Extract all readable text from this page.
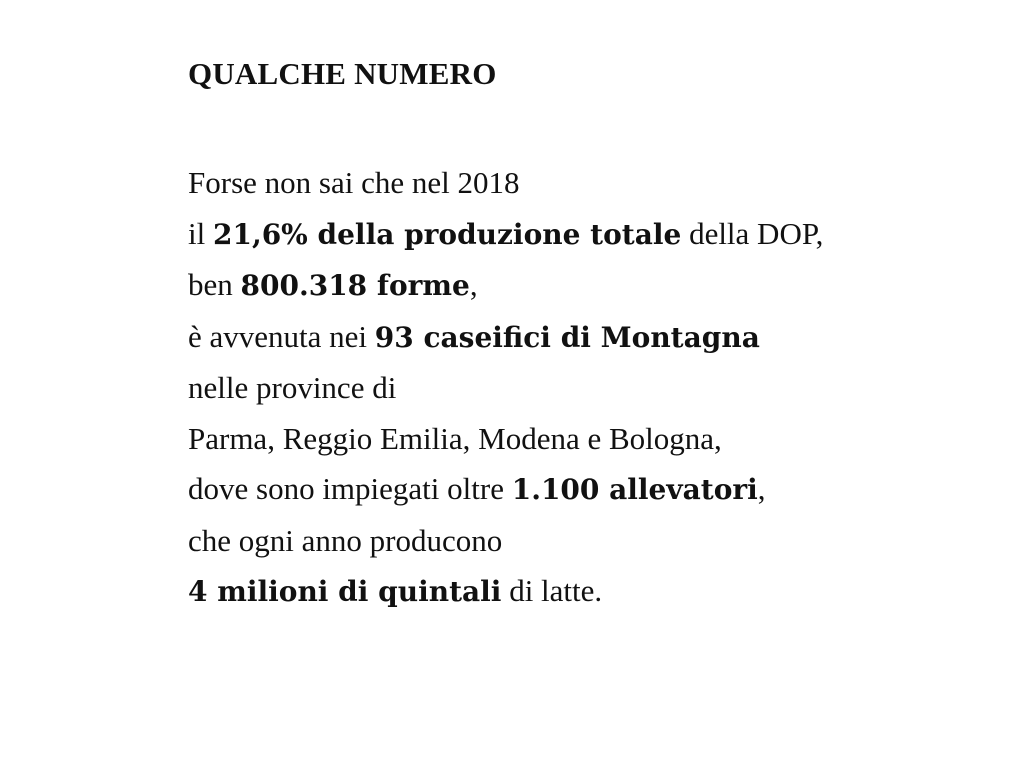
QUALCHE NUMERO
Forse non sai che nel 2018
il 21,6% della produzione totale della DOP,
ben 800.318 forme,
è avvenuta nei 93 caseifici di Montagna
nelle province di
Parma, Reggio Emilia, Modena e Bologna,
dove sono impiegati oltre 1.100 allevatori,
che ogni anno producono
4 milioni di quintali di latte.
